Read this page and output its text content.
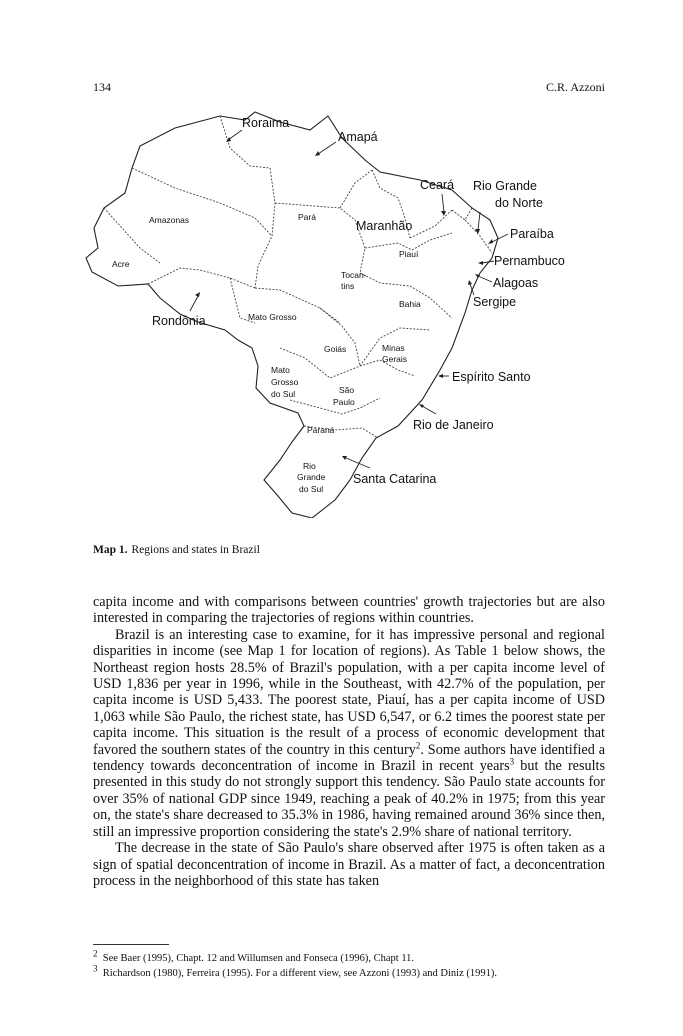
134	C.R. Azzoni
Amazonas	Pará
Acre
Mato Grosso
Tocan-
tins
Piauí
Bahia
Goiás	Minas
Gerais
Mato
Grosso
do Sul	São
Paulo
Paraná
Rio
Grande
do Sul
Roraima
Amapá
Ceará Rio Grande
do Norte
Maranhão
Paraíba
Pernambuco
Alagoas
Sergipe
Rondônia
Espírito Santo
Rio de Janeiro
Santa Catarina
Map 1. Regions and states in Brazil

capita income and with comparisons between countries' growth trajectories but are also interested in comparing the trajectories of regions within countries.

Brazil is an interesting case to examine, for it has impressive personal and regional disparities in income (see Map 1 for location of regions). As Table 1 below shows, the Northeast region hosts 28.5% of Brazil's population, with a per capita income level of USD 1,836 per year in 1996, while in the Southeast, with 42.7% of the population, per capita income is USD 5,433. The poorest state, Piauí, has a per capita income of USD 1,063 while São Paulo, the richest state, has USD 6,547, or 6.2 times the poorest state per capita income. This situation is the result of a process of economic development that favored the southern states of the country in this century$^2$. Some authors have identified a tendency towards deconcentration of income in Brazil in recent years$^3$ but the results presented in this study do not strongly support this tendency. São Paulo state accounts for over 35% of national GDP since 1949, reaching a peak of 40.2% in 1975; from this year on, the state's share decreased to 35.3% in 1986, having remained around 36% since then, still an impressive proportion considering the state's 2.9% share of national territory.

The decrease in the state of São Paulo's share observed after 1975 is often taken as a sign of spatial deconcentration of income in Brazil. As a matter of fact, a deconcentration process in the neighborhood of this state has taken

$^2$ See Baer (1995), Chapt. 12 and Willumsen and Fonseca (1996), Chapt 11.
$^3$ Richardson (1980), Ferreira (1995). For a different view, see Azzoni (1993) and Diniz (1991).
